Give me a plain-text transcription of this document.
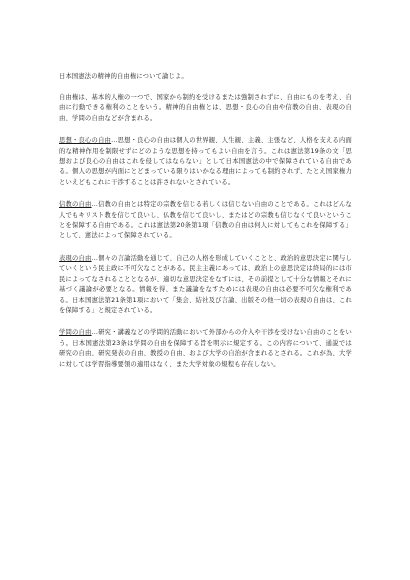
日本国憲法の精神的自由権について論じよ。

自由権は、基本的人権の一つで、国家から制約を受けるまたは強制されずに、自由にものを考え、自由に行動できる権利のことをいう。精神的自由権とは、思想・良心の自由や信教の自由、表現の自由、学問の自由などが含まれる。

思想・良心の自由…思想・良心の自由は個人の世界観、人生観、主義、主張など、人格を支える内面的な精神作用を制限せずにどのような思想を持ってもよい自由を言う。これは憲法第19条の文「思想および良心の自由はこれを侵してはならない」として日本国憲法の中で保障されている自由である。個人の思想が内面にとどまっている限りはいかなる理由によっても制約されず、たとえ国家権力といえどもこれに干渉することは許されないとされている。

信教の自由…信教の自由とは特定の宗教を信じる若しくは信じない自由のことである。これはどんな人でもキリスト教を信じて良いし、仏教を信じて良いし、またはどの宗教も信じなくて良いということを保障する自由である。これは憲法第20条第1項「信教の自由は何人に対してもこれを保障する」として、憲法によって保障されている。

表現の自由…個々の言論活動を通じて、自己の人格を形成していくことと、政治的意思決定に関与していくという民主政に不可欠なことがある。民主主義にあっては、政治上の意思決定は終局的には市民によってなされることとなるが、適切な意思決定をなすには、その前提として十分な情報とそれに基づく議論が必要となる。情報を得、また議論をなすためには表現の自由は必要不可欠な権利である。日本国憲法第21条第1項において「集会、結社及び言論、出版その他一切の表現の自由は、これを保障する」と規定されている。

学問の自由…研究・講義などの学問的活動において外部からの介入や干渉を受けない自由のことをいう。日本国憲法第23条は学問の自由を保障する旨を明示に規定する。この内容について、通説では研究の自由、研究発表の自由、教授の自由、および大学の自治が含まれるとされる。これが為、大学に対しては学習指導要領の適用はなく、また大学対象の規程も存在しない。
